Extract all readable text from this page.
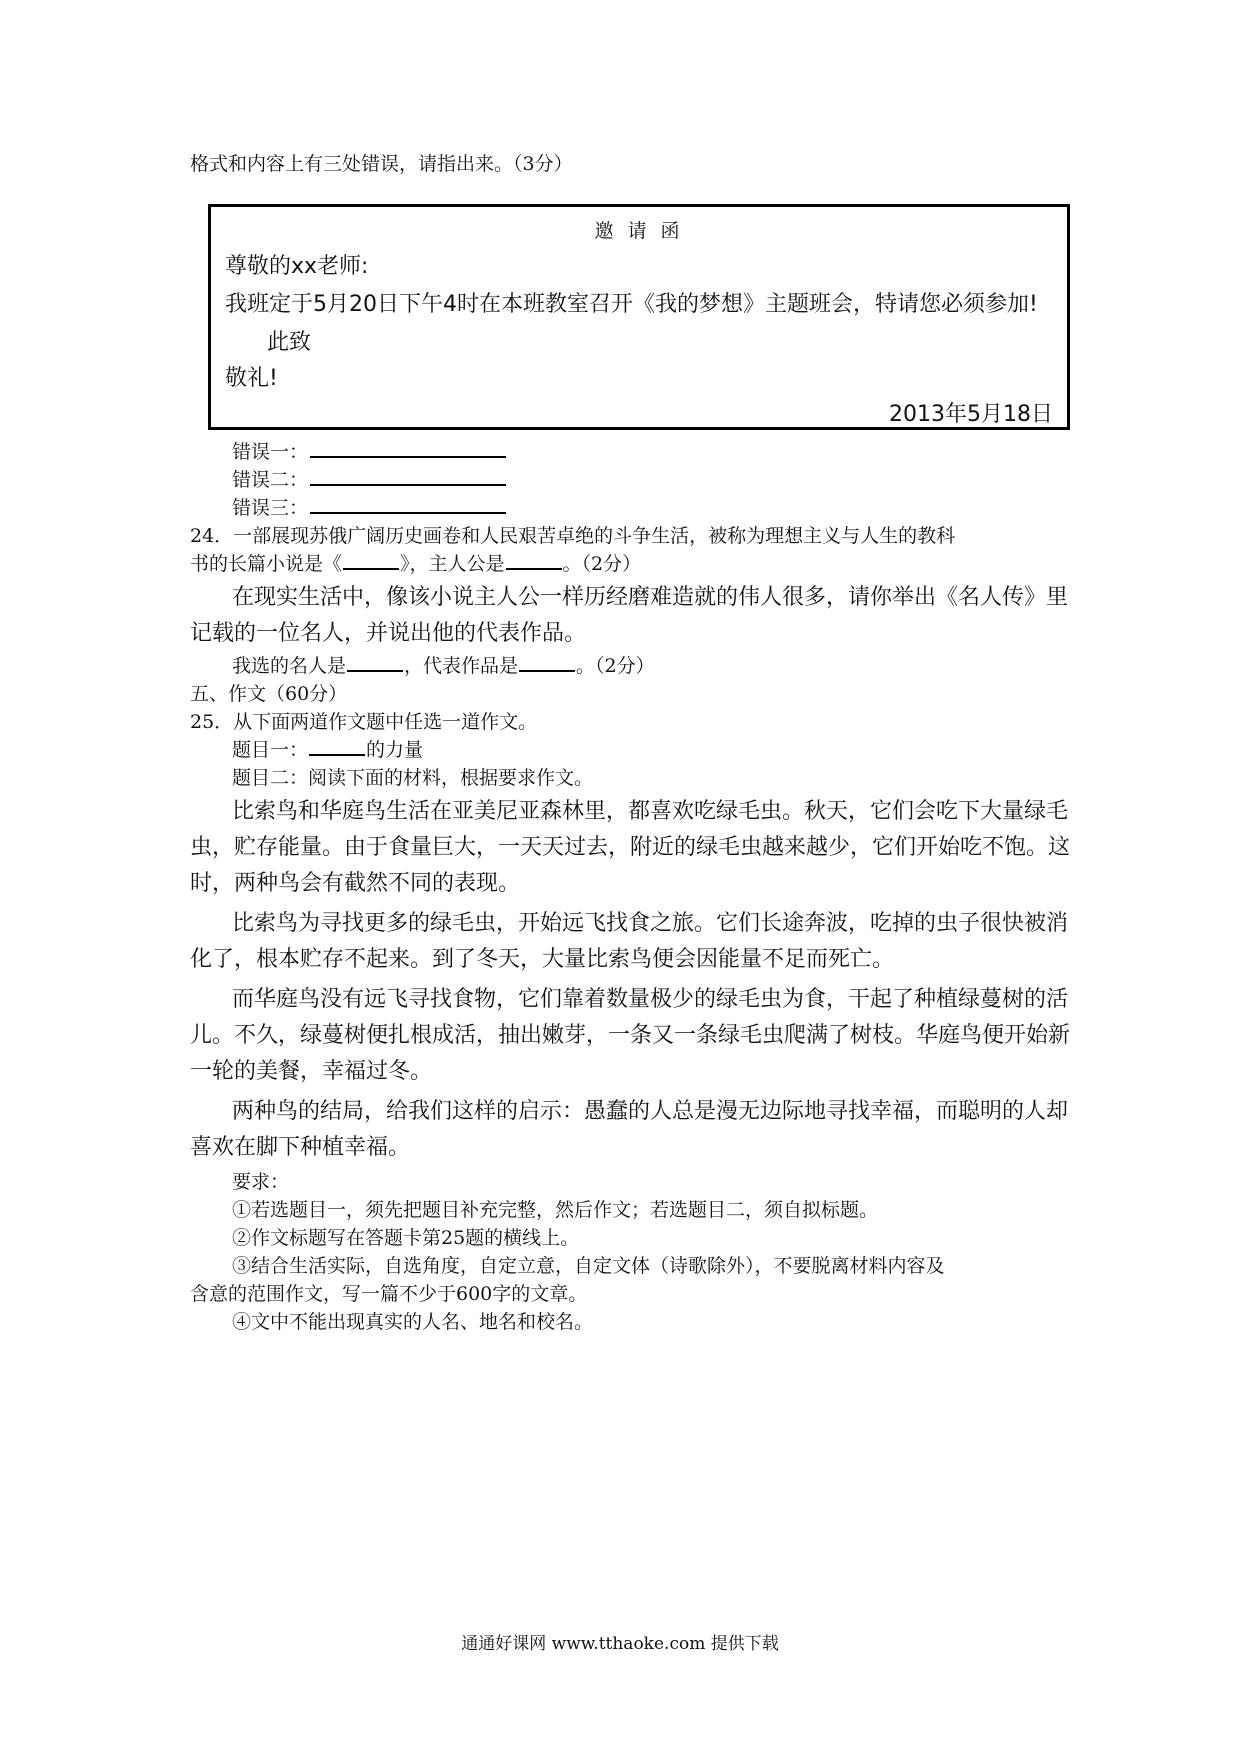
格式和内容上有三处错误，请指出来。（3分）
邀 请 函
尊敬的xx老师:
我班定于5月20日下午4时在本班教室召开《我的梦想》主题班会，特请您必须参加!
此致
敬礼!
2013年5月18日
错误一：
错误二：
错误三：
24．一部展现苏俄广阔历史画卷和人民艰苦卓绝的斗争生活，被称为理想主义与人生的教科
书的长篇小说是《	》，主人公是	。（2分）
在现实生活中，像该小说主人公一样历经磨难造就的伟人很多，请你举出《名人传》里
记载的一位名人，并说出他的代表作品。
我选的名人是	，代表作品是	。（2分）
五、作文（60分）
25．从下面两道作文题中任选一道作文。
题目一：	的力量
题目二：阅读下面的材料，根据要求作文。
比索鸟和华庭鸟生活在亚美尼亚森林里，都喜欢吃绿毛虫。秋天，它们会吃下大量绿毛
虫，贮存能量。由于食量巨大，一天天过去，附近的绿毛虫越来越少，它们开始吃不饱。这
时，两种鸟会有截然不同的表现。
比索鸟为寻找更多的绿毛虫，开始远飞找食之旅。它们长途奔波，吃掉的虫子很快被消
化了，根本贮存不起来。到了冬天，大量比索鸟便会因能量不足而死亡。
而华庭鸟没有远飞寻找食物，它们靠着数量极少的绿毛虫为食，干起了种植绿蔓树的活
儿。不久，绿蔓树便扎根成活，抽出嫩芽，一条又一条绿毛虫爬满了树枝。华庭鸟便开始新
一轮的美餐，幸福过冬。
两种鸟的结局，给我们这样的启示：愚蠢的人总是漫无边际地寻找幸福，而聪明的人却
喜欢在脚下种植幸福。
要求：
①若选题目一，须先把题目补充完整，然后作文；若选题目二，须自拟标题。
②作文标题写在答题卡第25题的横线上。
③结合生活实际，自选角度，自定立意，自定文体（诗歌除外），不要脱离材料内容及
含意的范围作文，写一篇不少于600字的文章。
④文中不能出现真实的人名、地名和校名。
通通好课网 www.tthaoke.com 提供下载
